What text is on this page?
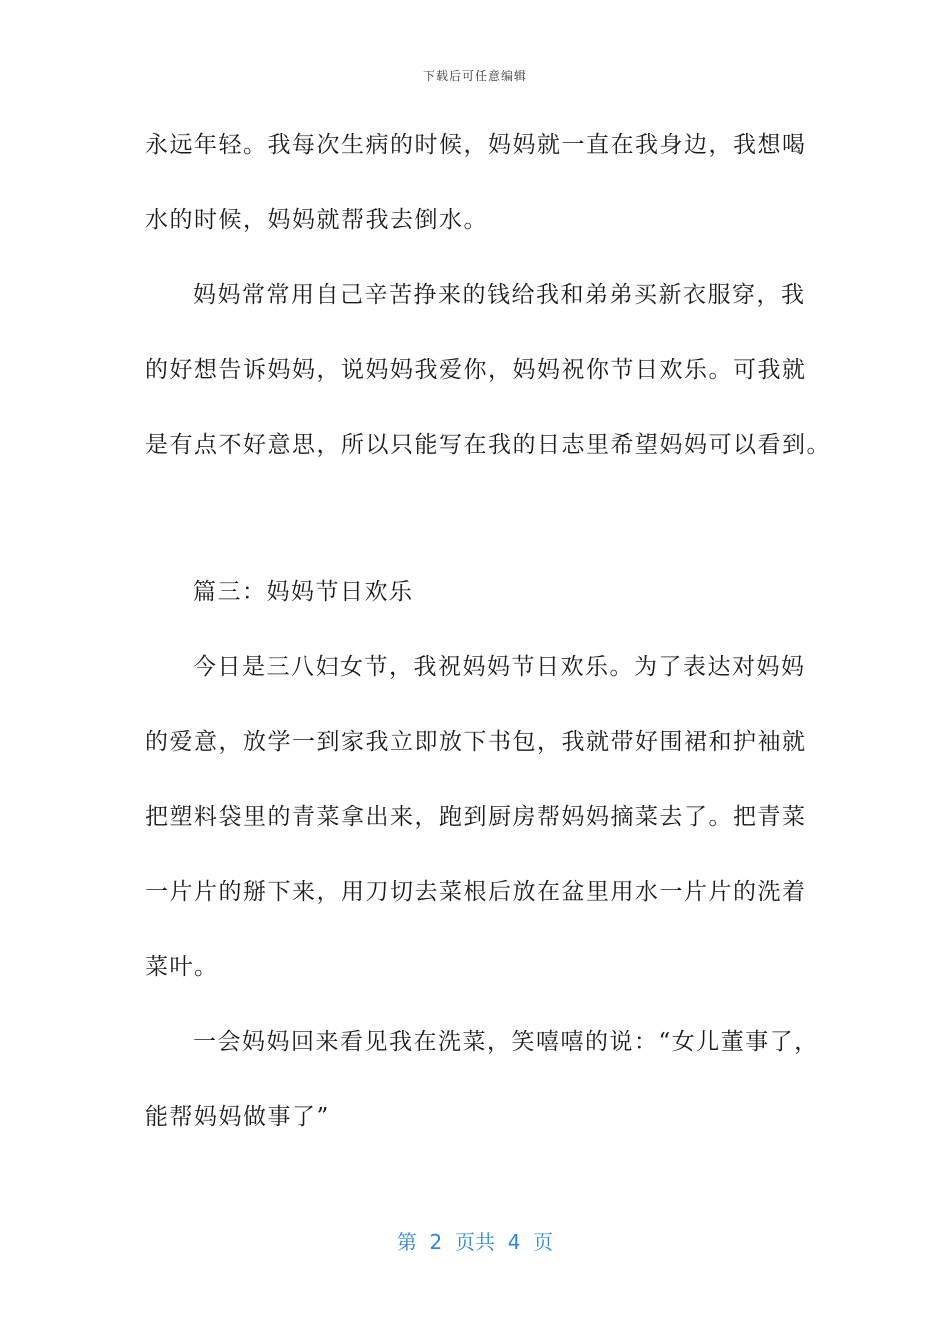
下载后可任意编辑
永远年轻。我每次生病的时候，妈妈就一直在我身边，我想喝
水的时候，妈妈就帮我去倒水。
妈妈常常用自己辛苦挣来的钱给我和弟弟买新衣服穿，我
的好想告诉妈妈，说妈妈我爱你，妈妈祝你节日欢乐。可我就
是有点不好意思，所以只能写在我的日志里希望妈妈可以看到。
篇三：妈妈节日欢乐
今日是三八妇女节，我祝妈妈节日欢乐。为了表达对妈妈
的爱意，放学一到家我立即放下书包，我就带好围裙和护袖就
把塑料袋里的青菜拿出来，跑到厨房帮妈妈摘菜去了。把青菜
一片片的掰下来，用刀切去菜根后放在盆里用水一片片的洗着
菜叶。
一会妈妈回来看见我在洗菜，笑嘻嘻的说：“女儿董事了，
能帮妈妈做事了”
第  2  页共  4  页
